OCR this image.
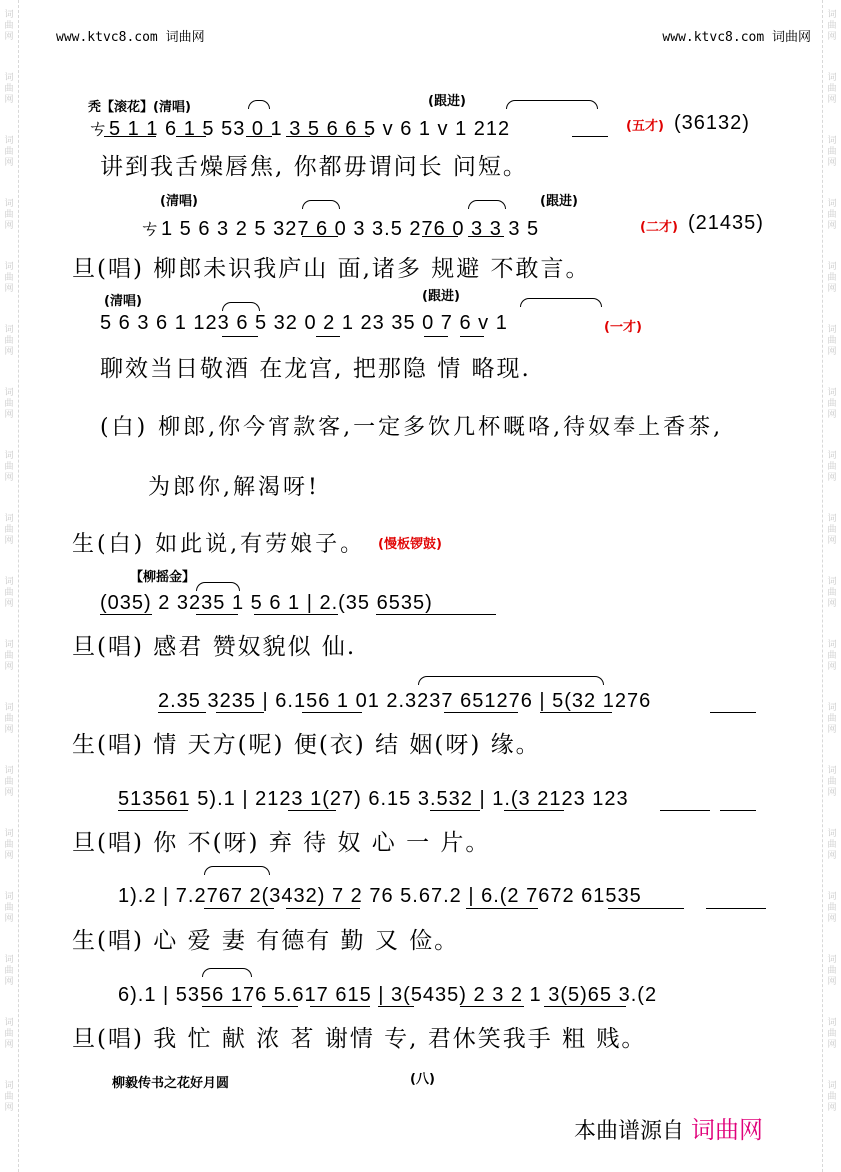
词
曲
网
词
曲
网
词
曲
网
词
曲
网
词
曲
网
词
曲
网
词
曲
网
词
曲
网
词
曲
网
词
曲
网
词
曲
网
词
曲
网
词
曲
网
词
曲
网
词
曲
网
词
曲
网
词
曲
网
词
曲
网
词
曲
网
词
曲
网
词
曲
网
词
曲
网
词
曲
网
词
曲
网
词
曲
网
词
曲
网
词
曲
网
词
曲
网
词
曲
网
词
曲
网
词
曲
网
词
曲
网
词
曲
网
词
曲
网
词
曲
网
词
曲
网
www.ktvc8.com 词曲网	www.ktvc8.com 词曲网
秃【滚花】(清唱)	(跟进)
ㄘ5 1 1 6 1 5 53 0 1 3 5 6 6 5 v 6 1 v 1 212	(五才) (36132)
讲到我舌燥唇焦, 你都毋谓问长 问短。
(清唱)	(跟进)
ㄘ1 5 6 3 2 5 327 6 0 3 3.5 276 0 3 3 3 5	(二才) (21435)
旦(唱) 柳郎未识我庐山 面,诸多 规避 不敢言。
(清唱)	(跟进)
5 6 3 6 1 123 6 5 32 0 2 1 23 35 0 7 6 v 1	(一才)
聊效当日敬酒 在龙宫, 把那隐 情 略现.
(白) 柳郎,你今宵款客,一定多饮几杯嘅咯,待奴奉上香茶,
为郎你,解渴呀!
生(白) 如此说,有劳娘子。 (慢板锣鼓)
【柳摇金】
(035) 2 3235 1 5 6 1 | 2.(35 6535)
旦(唱) 感君 赞奴貌似 仙.
2.35 3235 | 6.156 1 01 2.3237 651276 | 5(32 1276
生(唱) 情 天方(呢) 便(衣) 结 姻(呀) 缘。
513561 5).1 | 2123 1(27) 6.15 3.532 | 1.(3 2123 123
旦(唱) 你 不(呀) 弃 待 奴 心 一 片。
1).2 | 7.2767 2(3432) 7 2 76 5.67.2 | 6.(2 7672 61535
生(唱) 心 爱 妻 有德有 勤 又 俭。
6).1 | 5356 176 5.617 615 | 3(5435) 2 3 2 1 3(5)65 3.(2
旦(唱) 我 忙 献 浓 茗 谢情 专, 君休笑我手 粗 贱。
柳毅传书之花好月圆	(八)
本曲谱源自 词曲网
